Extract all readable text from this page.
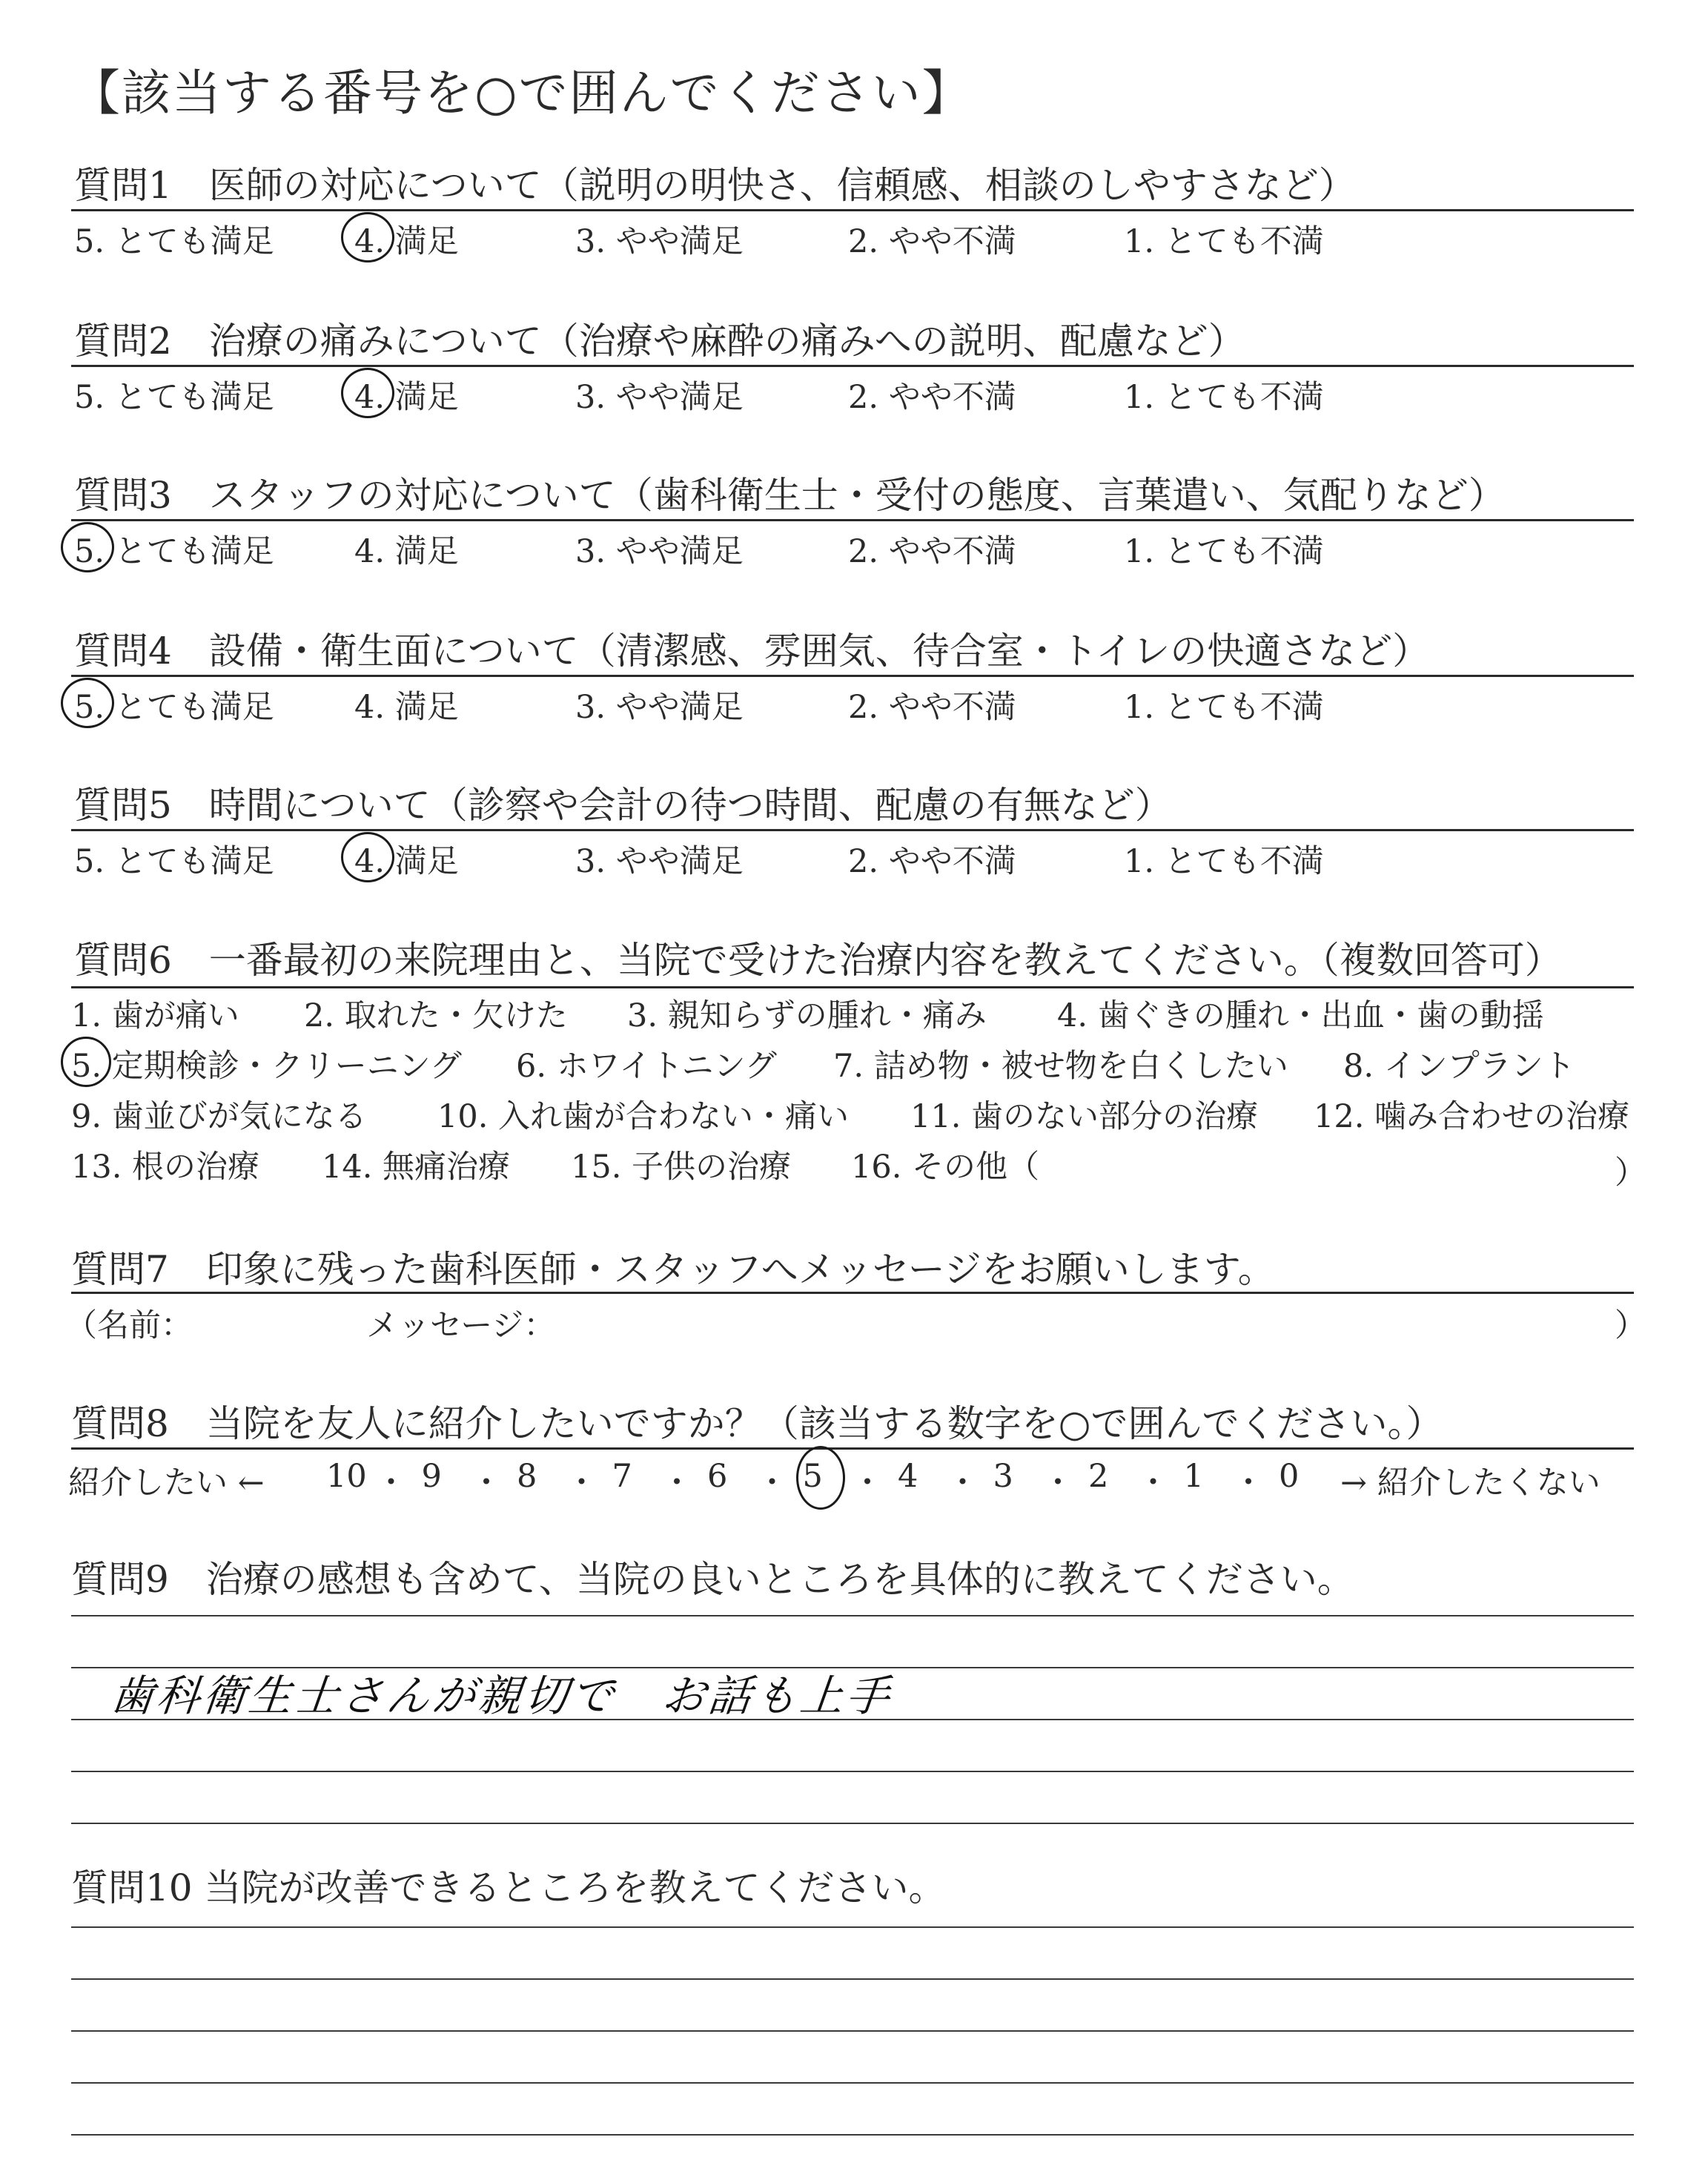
【該当する番号を○で囲んでください】
質問1　医師の対応について（説明の明快さ、信頼感、相談のしやすさなど）
5. とても満足	4. 満足	3. やや満足	2. やや不満	1. とても不満
質問2　治療の痛みについて（治療や麻酔の痛みへの説明、配慮など）
5. とても満足	4. 満足	3. やや満足	2. やや不満	1. とても不満
質問3　スタッフの対応について（歯科衛生士・受付の態度、言葉遣い、気配りなど）
5. とても満足	4. 満足	3. やや満足	2. やや不満	1. とても不満
質問4　設備・衛生面について（清潔感、雰囲気、待合室・トイレの快適さなど）
5. とても満足	4. 満足	3. やや満足	2. やや不満	1. とても不満
質問5　時間について（診察や会計の待つ時間、配慮の有無など）
5. とても満足	4. 満足	3. やや満足	2. やや不満	1. とても不満
質問6　一番最初の来院理由と、当院で受けた治療内容を教えてください。（複数回答可）
1. 歯が痛い 2. 取れた・欠けた 3. 親知らずの腫れ・痛み 4. 歯ぐきの腫れ・出血・歯の動揺
5. 定期検診・クリーニング 6. ホワイトニング 7. 詰め物・被せ物を白くしたい 8. インプラント
9. 歯並びが気になる 10. 入れ歯が合わない・痛い 11. 歯のない部分の治療 12. 噛み合わせの治療
13. 根の治療 14. 無痛治療 15. 子供の治療 16. その他（	）
質問7　印象に残った歯科医師・スタッフへメッセージをお願いします。
（名前：	メッセージ：	）
質問8　当院を友人に紹介したいですか？（該当する数字を○で囲んでください。）
紹介したい ← 10 ・ 9 ・ 8 ・ 7 ・ 6 ・ 5 ・ 4 ・ 3 ・ 2 ・ 1 ・ 0 → 紹介したくない
質問9　治療の感想も含めて、当院の良いところを具体的に教えてください。
歯科衛生士さんが親切で　お話も上手
質問10 当院が改善できるところを教えてください。
